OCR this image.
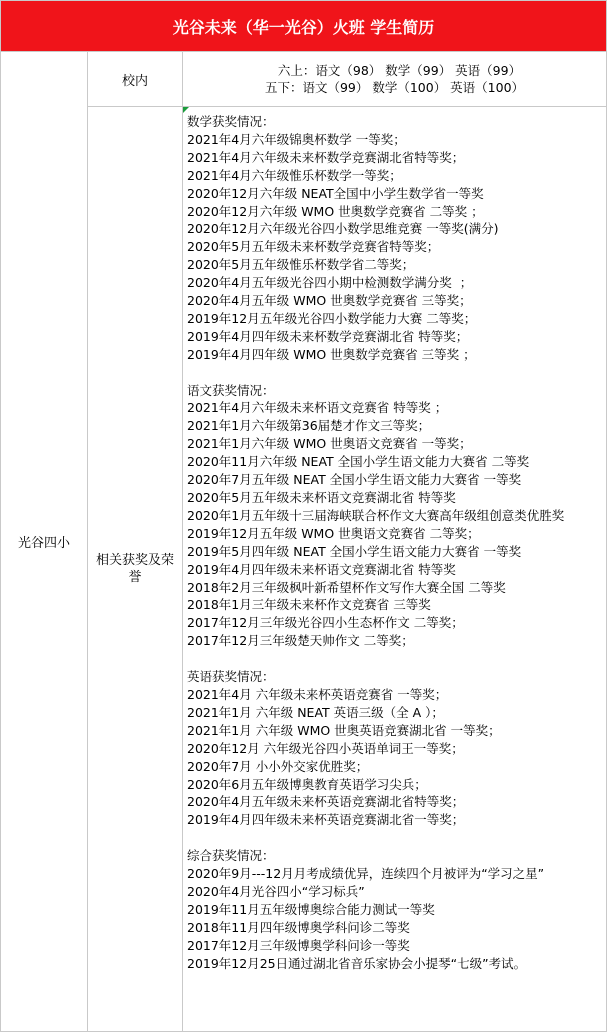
光谷未来（华一光谷）火班 学生简历
光谷四小
校内
六上：语文（98） 数学（99） 英语（99）
五下：语文（99） 数学（100） 英语（100）
相关获奖及荣誉
数学获奖情况：
2021年4月六年级锦奥杯数学 一等奖；
2021年4月六年级未来杯数学竞赛湖北省特等奖；
2021年4月六年级惟乐杯数学一等奖；
2020年12月六年级 NEAT全国中小学生数学省一等奖
2020年12月六年级 WMO 世奥数学竞赛省 二等奖 ；
2020年12月六年级光谷四小数学思维竞赛 一等奖(满分)
2020年5月五年级未来杯数学竞赛省特等奖；
2020年5月五年级惟乐杯数学省二等奖；
2020年4月五年级光谷四小期中检测数学满分奖  ；
2020年4月五年级 WMO 世奥数学竞赛省 三等奖；
2019年12月五年级光谷四小数学能力大赛 二等奖；
2019年4月四年级未来杯数学竞赛湖北省 特等奖；
2019年4月四年级 WMO 世奥数学竞赛省 三等奖 ；
语文获奖情况：
2021年4月六年级未来杯语文竞赛省 特等奖 ；
2021年1月六年级第36届楚才作文三等奖；
2021年1月六年级 WMO 世奥语文竞赛省 一等奖；
2020年11月六年级 NEAT 全国小学生语文能力大赛省 二等奖
2020年7月五年级 NEAT 全国小学生语文能力大赛省 一等奖
2020年5月五年级未来杯语文竞赛湖北省 特等奖
2020年1月五年级十三届海峡联合杯作文大赛高年级组创意类优胜奖
2019年12月五年级 WMO 世奥语文竞赛省 二等奖；
2019年5月四年级 NEAT 全国小学生语文能力大赛省 一等奖
2019年4月四年级未来杯语文竞赛湖北省 特等奖
2018年2月三年级枫叶新希望杯作文写作大赛全国 二等奖
2018年1月三年级未来杯作文竞赛省 三等奖
2017年12月三年级光谷四小生态杯作文 二等奖；
2017年12月三年级楚天帅作文 二等奖；
英语获奖情况：
2021年4月 六年级未来杯英语竞赛省 一等奖；
2021年1月 六年级 NEAT 英语三级（全 A ）；
2021年1月 六年级 WMO 世奥英语竞赛湖北省 一等奖；
2020年12月 六年级光谷四小英语单词王一等奖；
2020年7月 小小外交家优胜奖；
2020年6月五年级博奥教育英语学习尖兵；
2020年4月五年级未来杯英语竞赛湖北省特等奖；
2019年4月四年级未来杯英语竞赛湖北省一等奖；
综合获奖情况：
2020年9月---12月月考成绩优异，连续四个月被评为“学习之星”
2020年4月光谷四小“学习标兵”
2019年11月五年级博奥综合能力测试一等奖
2018年11月四年级博奥学科问诊二等奖
2017年12月三年级博奥学科问诊一等奖
2019年12月25日通过湖北省音乐家协会小提琴“七级”考试。
